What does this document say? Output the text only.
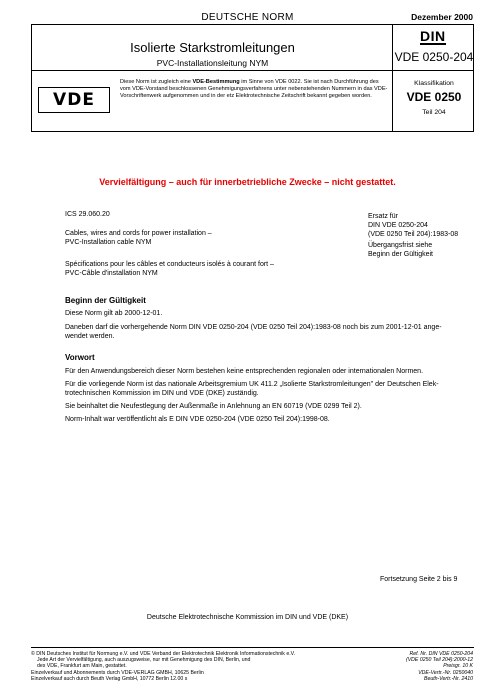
DEUTSCHE NORM	Dezember 2000
Isolierte Starkstromleitungen
PVC-Installationsleitung NYM
DIN
VDE 0250-204
VDE
Diese Norm ist zugleich eine VDE-Bestimmung im Sinne von VDE 0022. Sie ist nach Durchführung des vom VDE-Vorstand beschlossenen Genehmigungsverfahrens unter nebenstehenden Nummern in das VDE-Vorschriftenwerk aufgenommen und in der etz Elektrotechnische Zeitschrift bekannt gegeben worden.
Klassifikation
VDE 0250
Teil 204
Vervielfältigung – auch für innerbetriebliche Zwecke – nicht gestattet.
ICS 29.060.20

Cables, wires and cords for power installation –

PVC-Installation cable NYM

Spécifications pour les câbles et conducteurs isolés à courant fort –

PVC-Câble d'installation NYM

Ersatz für

DIN VDE 0250-204

(VDE 0250 Teil 204):1983-08

Übergangsfrist siehe

Beginn der Gültigkeit

Beginn der Gültigkeit
Diese Norm gilt ab 2000-12-01.

Daneben darf die vorhergehende Norm DIN VDE 0250-204 (VDE 0250 Teil 204):1983-08 noch bis zum 2001-12-01 ange-

wendet werden.

Vorwort
Für den Anwendungsbereich dieser Norm bestehen keine entsprechenden regionalen oder internationalen Normen.

Für die vorliegende Norm ist das nationale Arbeitsgremium UK 411.2 „Isolierte Starkstromleitungen" der Deutschen Elek-

trotechnischen Kommission im DIN und VDE (DKE) zuständig.

Sie beinhaltet die Neufestlegung der Außenmaße in Anlehnung an EN 60719 (VDE 0299 Teil 2).
Norm-Inhalt war veröffentlicht als E DIN VDE 0250-204 (VDE 0250 Teil 204):1998-08.
Fortsetzung Seite 2 bis 9
Deutsche Elektrotechnische Kommission im DIN und VDE (DKE)

© DIN Deutsches Institut für Normung e.V. und VDE Verband der Elektrotechnik Elektronik Informationstechnik e.V.

Jede Art der Vervielfältigung, auch auszugsweise, nur mit Genehmigung des DIN, Berlin, und

des VDE, Frankfurt am Main, gestattet.

Einzelverkauf und Abonnements durch VDE-VERLAG GMBH, 10625 Berlin

Einzelverkauf auch durch Beuth Verlag GmbH, 10772 Berlin 12.00 s

Ref. Nr. DIN VDE 0250-204

(VDE 0250 Teil 204):2000-12

Preisgr. 10 K

VDE-Vertr.-Nr. 0250040

Beuth-Vertr.-Nr. 2410
